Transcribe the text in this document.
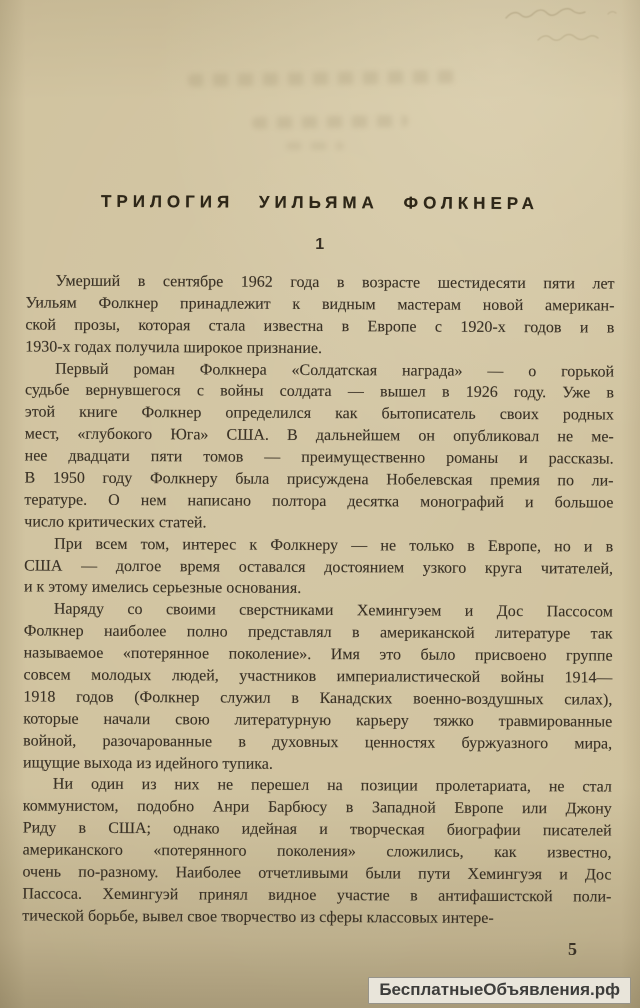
ТРИЛОГИЯ УИЛЬЯМА ФОЛКНЕРА
1
Умерший в сентябре 1962 года в возрасте шестидесяти пяти лет
Уильям Фолкнер принадлежит к видным мастерам новой американ-
ской прозы, которая стала известна в Европе с 1920-х годов и в
1930-х годах получила широкое признание.
Первый роман Фолкнера «Солдатская награда» — о горькой
судьбе вернувшегося с войны солдата — вышел в 1926 году. Уже в
этой книге Фолкнер определился как бытописатель своих родных
мест, «глубокого Юга» США. В дальнейшем он опубликовал не ме-
нее двадцати пяти томов — преимущественно романы и рассказы.
В 1950 году Фолкнеру была присуждена Нобелевская премия по ли-
тературе. О нем написано полтора десятка монографий и большое
число критических статей.
При всем том, интерес к Фолкнеру — не только в Европе, но и в
США — долгое время оставался достоянием узкого круга читателей,
и к этому имелись серьезные основания.
Наряду со своими сверстниками Хемингуэем и Дос Пассосом
Фолкнер наиболее полно представлял в американской литературе так
называемое «потерянное поколение». Имя это было присвоено группе
совсем молодых людей, участников империалистической войны 1914—
1918 годов (Фолкнер служил в Канадских военно-воздушных силах),
которые начали свою литературную карьеру тяжко травмированные
войной, разочарованные в духовных ценностях буржуазного мира,
ищущие выхода из идейного тупика.
Ни один из них не перешел на позиции пролетариата, не стал
коммунистом, подобно Анри Барбюсу в Западной Европе или Джону
Риду в США; однако идейная и творческая биографии писателей
американского «потерянного поколения» сложились, как известно,
очень по-разному. Наиболее отчетливыми были пути Хемингуэя и Дос
Пассоса. Хемингуэй принял видное участие в антифашистской поли-
тической борьбе, вывел свое творчество из сферы классовых интере-
5
БесплатныеОбъявления.рф
